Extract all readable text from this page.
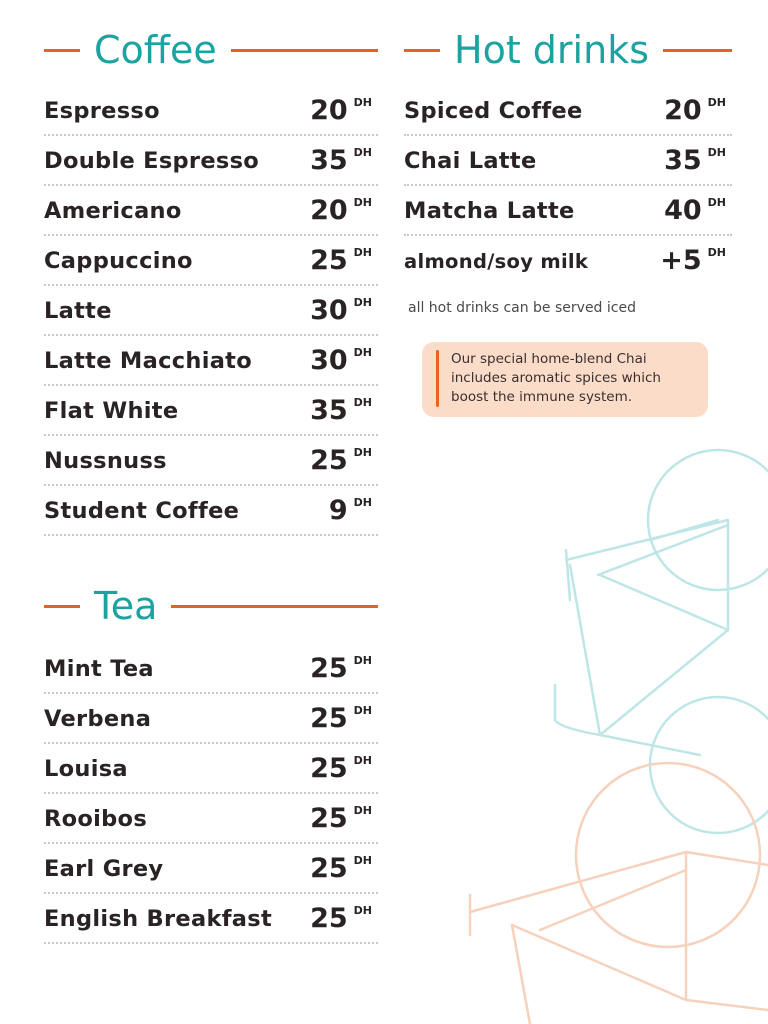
Coffee
Espresso	20 DH
Double Espresso 35 DH
Americano	20 DH
Cappuccino	25 DH
Latte	30 DH
Latte Macchiato 30 DH
Flat White	35 DH
Nussnuss	25 DH
Student Coffee	9 DH
Hot drinks
Spiced Coffee	20 DH
Chai Latte	35 DH
Matcha Latte	40 DH
almond/soy milk	+5 DH
all hot drinks can be served iced
Our special home-blend Chai includes aromatic spices which boost the immune system.
Tea
Mint Tea	25 DH
Verbena	25 DH
Louisa	25 DH
Rooibos	25 DH
Earl Grey	25 DH
English Breakfast 25 DH
